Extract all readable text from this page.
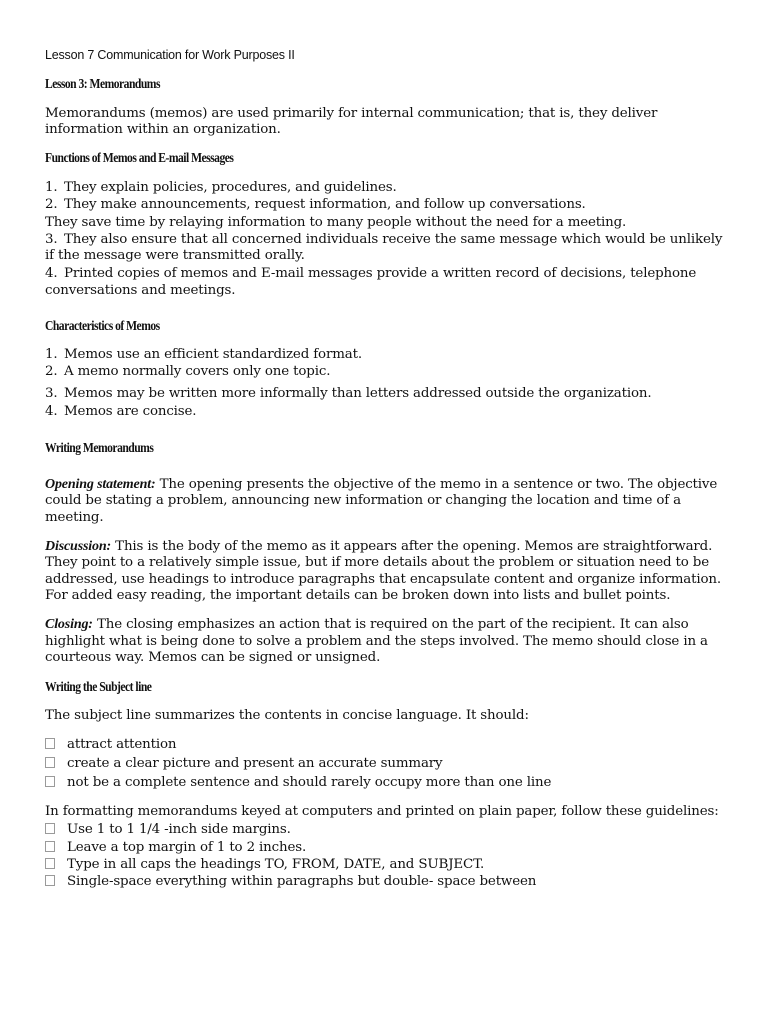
Lesson 7 Communication for Work Purposes II
Lesson 3: Memorandums
Memorandums (memos) are used primarily for internal communication; that is, they deliver
information within an organization.
Functions of Memos and E-mail Messages
1. They explain policies, procedures, and guidelines.
2. They make announcements, request information, and follow up conversations.
They save time by relaying information to many people without the need for a meeting.
3. They also ensure that all concerned individuals receive the same message which would be unlikely
if the message were transmitted orally.
4. Printed copies of memos and E-mail messages provide a written record of decisions, telephone
conversations and meetings.
Characteristics of Memos
1. Memos use an efficient standardized format.
2. A memo normally covers only one topic.
3. Memos may be written more informally than letters addressed outside the organization.
4. Memos are concise.
Writing Memorandums
Opening statement: The opening presents the objective of the memo in a sentence or two. The objective
could be stating a problem, announcing new information or changing the location and time of a
meeting.
Discussion: This is the body of the memo as it appears after the opening. Memos are straightforward.
They point to a relatively simple issue, but if more details about the problem or situation need to be
addressed, use headings to introduce paragraphs that encapsulate content and organize information.
For added easy reading, the important details can be broken down into lists and bullet points.
Closing: The closing emphasizes an action that is required on the part of the recipient. It can also
highlight what is being done to solve a problem and the steps involved. The memo should close in a
courteous way. Memos can be signed or unsigned.
Writing the Subject line
The subject line summarizes the contents in concise language. It should:
attract attention
create a clear picture and present an accurate summary
not be a complete sentence and should rarely occupy more than one line
In formatting memorandums keyed at computers and printed on plain paper, follow these guidelines:
Use 1 to 1 1/4 -inch side margins.
Leave a top margin of 1 to 2 inches.
Type in all caps the headings TO, FROM, DATE, and SUBJECT.
Single-space everything within paragraphs but double- space between
